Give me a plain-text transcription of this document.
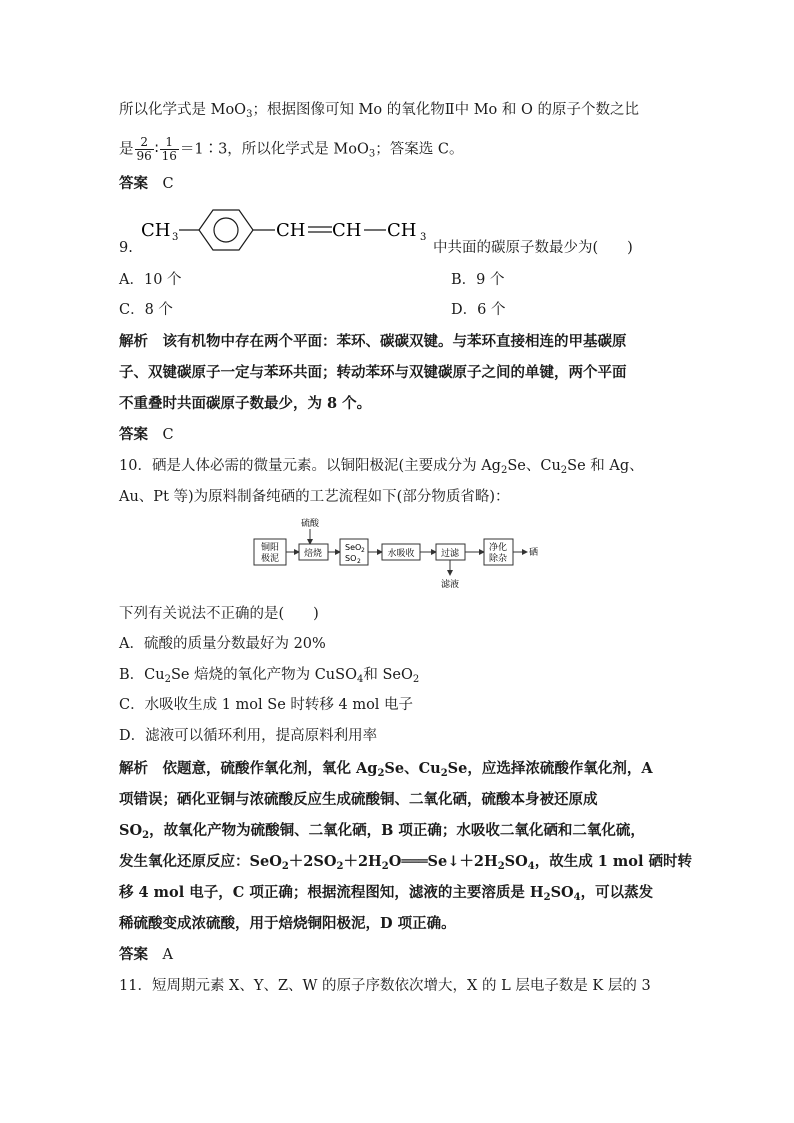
所以化学式是 MoO$_3$；根据图像可知 Mo 的氧化物Ⅱ中 Mo 和 O 的原子个数之比
是 $\frac{2}{96}$ ∶ $\frac{1}{16}$ ＝1∶3，所以化学式是 MoO$_3$；答案选 C。
答案　 C
9.
CH 3	CH CH CH 3
中共面的碳原子数最少为(　　)
A．10 个	B．9 个
C．8 个	D．6 个
解析　 该有机物中存在两个平面：苯环、碳碳双键。与苯环直接相连的甲基碳原
子、双键碳原子一定与苯环共面；转动苯环与双键碳原子之间的单键，两个平面
不重叠时共面碳原子数最少，为 8 个。
答案　 C
10．硒是人体必需的微量元素。以铜阳极泥(主要成分为 $Ag_2Se$、$Cu_2Se$ 和 Ag、
Au、Pt 等)为原料制备纯硒的工艺流程如下(部分物质省略)：
铜阳
极泥
硫酸
焙烧
SeO 2
SO 2
水吸收	过滤
滤液
净化
除杂
硒
下列有关说法不正确的是(　　)
A．硫酸的质量分数最好为 20%
B．$Cu_2Se$ 焙烧的氧化产物为 CuSO$_4$和 SeO$_2$
C．水吸收生成 1 mol Se 时转移 4 mol 电子
D．滤液可以循环利用，提高原料利用率
解析　 依题意，硫酸作氧化剂，氧化 $Ag_2Se$、$Cu_2Se$，应选择浓硫酸作氧化剂，A
项错误；硒化亚铜与浓硫酸反应生成硫酸铜、二氧化硒，硫酸本身被还原成
$SO_2$，故氧化产物为硫酸铜、二氧化硒，B 项正确；水吸收二氧化硒和二氧化硫，
发生氧化还原反应：$SeO_2+2SO_2+2H_2O═══Se↓+2H_2SO_4$，故生成 1 mol 硒时转
移 4 mol 电子，C 项正确；根据流程图知，滤液的主要溶质是 $H_2SO_4$，可以蒸发
稀硫酸变成浓硫酸，用于焙烧铜阳极泥，D 项正确。
答案　 A
11．短周期元素 X、Y、Z、W 的原子序数依次增大，X 的 L 层电子数是 K 层的 3
